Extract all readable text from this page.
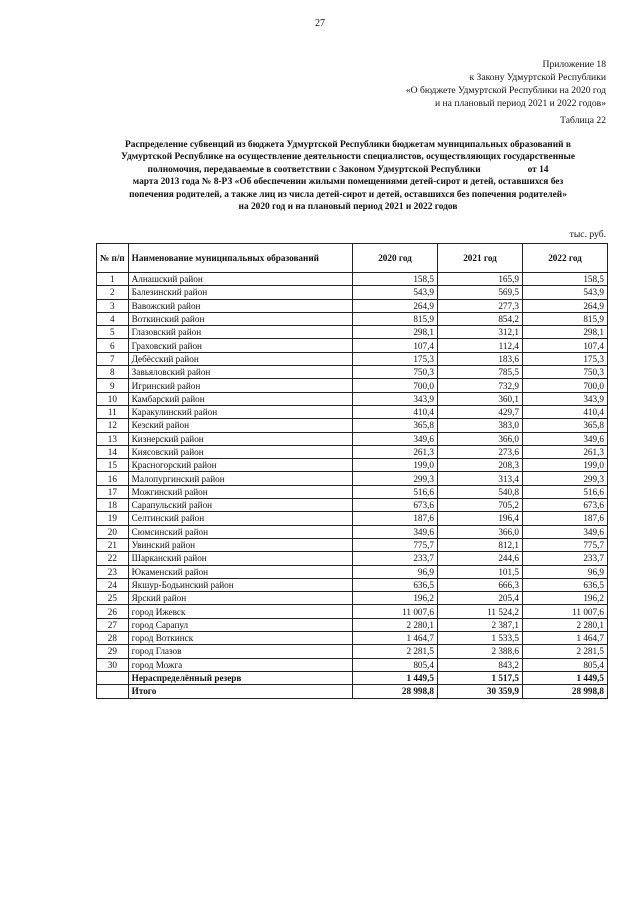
27
Приложение 18
к Закону Удмуртской Республики
«О бюджете Удмуртской Республики на 2020 год
и на плановый период 2021 и 2022 годов»
Таблица 22
Распределение субвенций из бюджета Удмуртской Республики бюджетам муниципальных образований в
Удмуртской Республике на осуществление деятельности специалистов, осуществляющих государственные
полномочия, передаваемые в соответствии с Законом Удмуртской Республики                    от 14
марта 2013 года № 8-РЗ «Об обеспечении жилыми помещениями детей-сирот и детей, оставшихся без
попечения родителей, а также лиц из числа детей-сирот и детей, оставшихся без попечения родителей»
на 2020 год и на плановый период 2021 и 2022 годов
тыс. руб.
№ п/п	Наименование муниципальных образований	2020 год	2021 год	2022 год
1	Алнашский район	158,5	165,9	158,5
2	Балезинский район	543,9	569,5	543,9
3	Вавожский район	264,9	277,3	264,9
4	Воткинский район	815,9	854,2	815,9
5	Глазовский район	298,1	312,1	298,1
6	Граховский район	107,4	112,4	107,4
7	Дебёсский район	175,3	183,6	175,3
8	Завьяловский район	750,3	785,5	750,3
9	Игринский район	700,0	732,9	700,0
10	Камбарский район	343,9	360,1	343,9
11	Каракулинский район	410,4	429,7	410,4
12	Кезский район	365,8	383,0	365,8
13	Кизнерский район	349,6	366,0	349,6
14	Киясовский район	261,3	273,6	261,3
15	Красногорский район	199,0	208,3	199,0
16	Малопургинский район	299,3	313,4	299,3
17	Можгинский район	516,6	540,8	516,6
18	Сарапульский район	673,6	705,2	673,6
19	Селтинский район	187,6	196,4	187,6
20	Сюмсинский район	349,6	366,0	349,6
21	Увинский район	775,7	812,1	775,7
22	Шарканский район	233,7	244,6	233,7
23	Юкаменский район	96,9	101,5	96,9
24	Якшур-Бодьинский район	636,5	666,3	636,5
25	Ярский район	196,2	205,4	196,2
26	город Ижевск	11 007,6	11 524,2	11 007,6
27	город Сарапул	2 280,1	2 387,1	2 280,1
28	город Воткинск	1 464,7	1 533,5	1 464,7
29	город Глазов	2 281,5	2 388,6	2 281,5
30	город Можга	805,4	843,2	805,4
	Нераспределённый резерв	1 449,5	1 517,5	1 449,5
	Итого	28 998,8	30 359,9	28 998,8
